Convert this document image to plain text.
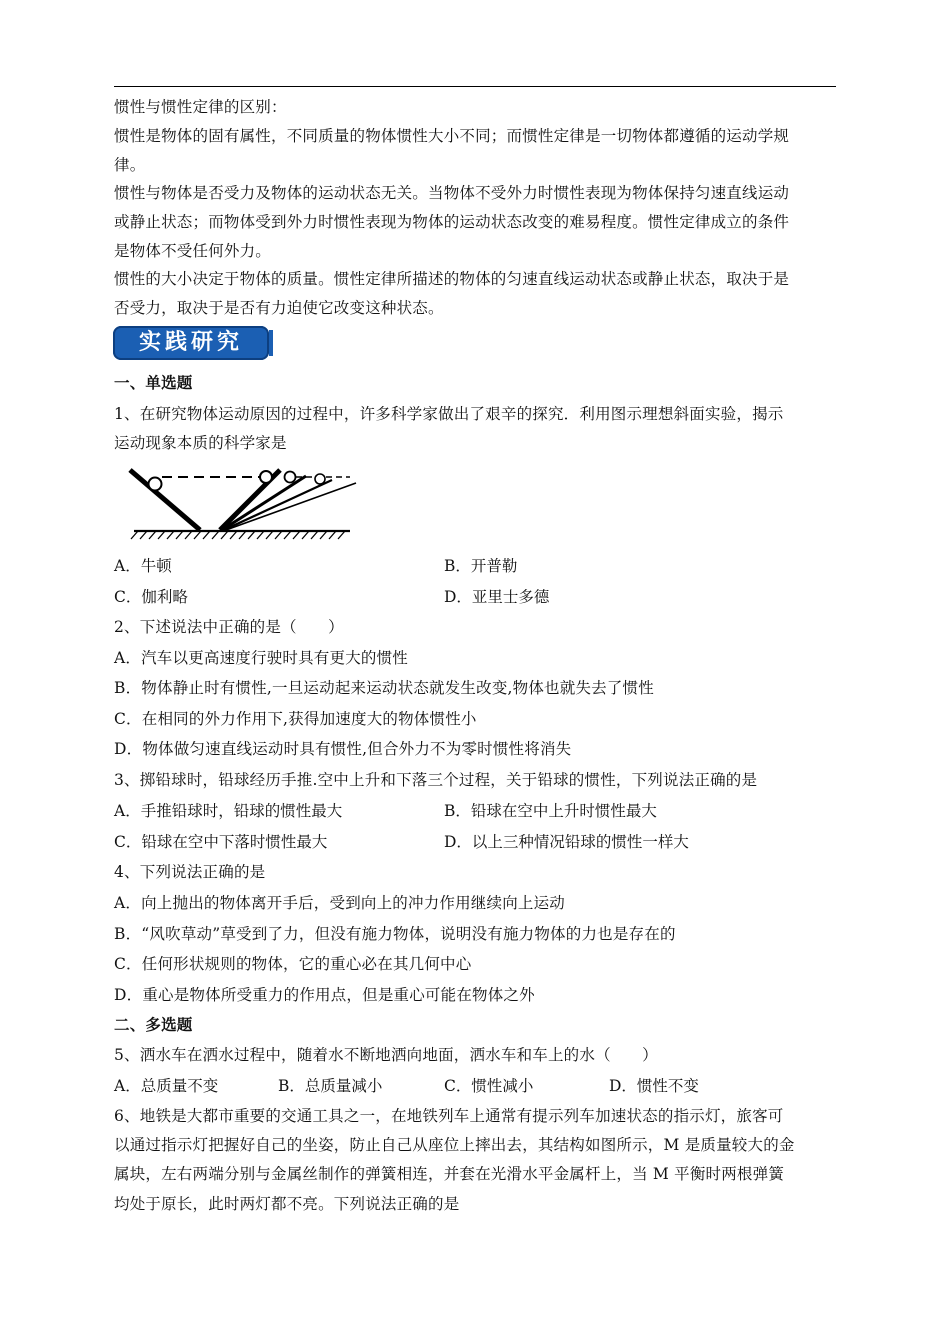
惯性与惯性定律的区别：
惯性是物体的固有属性，不同质量的物体惯性大小不同；而惯性定律是一切物体都遵循的运动学规
律。
惯性与物体是否受力及物体的运动状态无关。当物体不受外力时惯性表现为物体保持匀速直线运动
或静止状态；而物体受到外力时惯性表现为物体的运动状态改变的难易程度。惯性定律成立的条件
是物体不受任何外力。
惯性的大小决定于物体的质量。惯性定律所描述的物体的匀速直线运动状态或静止状态，取决于是
否受力，取决于是否有力迫使它改变这种状态。
实践研究
一、单选题
1、在研究物体运动原因的过程中，许多科学家做出了艰辛的探究．利用图示理想斜面实验，揭示
运动现象本质的科学家是
A．牛顿	B．开普勒
C．伽利略	D．亚里士多德
2、下述说法中正确的是（　　）
A．汽车以更高速度行驶时具有更大的惯性
B．物体静止时有惯性,一旦运动起来运动状态就发生改变,物体也就失去了惯性
C．在相同的外力作用下,获得加速度大的物体惯性小
D．物体做匀速直线运动时具有惯性,但合外力不为零时惯性将消失
3、掷铅球时，铅球经历手推.空中上升和下落三个过程，关于铅球的惯性，下列说法正确的是
A．手推铅球时，铅球的惯性最大	B．铅球在空中上升时惯性最大
C．铅球在空中下落时惯性最大	D．以上三种情况铅球的惯性一样大
4、下列说法正确的是
A．向上抛出的物体离开手后，受到向上的冲力作用继续向上运动
B．“风吹草动”草受到了力，但没有施力物体，说明没有施力物体的力也是存在的
C．任何形状规则的物体，它的重心必在其几何中心
D．重心是物体所受重力的作用点，但是重心可能在物体之外
二、多选题
5、洒水车在洒水过程中，随着水不断地洒向地面，洒水车和车上的水（　　）
A．总质量不变	B．总质量减小	C．惯性减小	D．惯性不变
6、地铁是大都市重要的交通工具之一，在地铁列车上通常有提示列车加速状态的指示灯，旅客可
以通过指示灯把握好自己的坐姿，防止自己从座位上摔出去，其结构如图所示，M 是质量较大的金
属块，左右两端分别与金属丝制作的弹簧相连，并套在光滑水平金属杆上，当 M 平衡时两根弹簧
均处于原长，此时两灯都不亮。下列说法正确的是
